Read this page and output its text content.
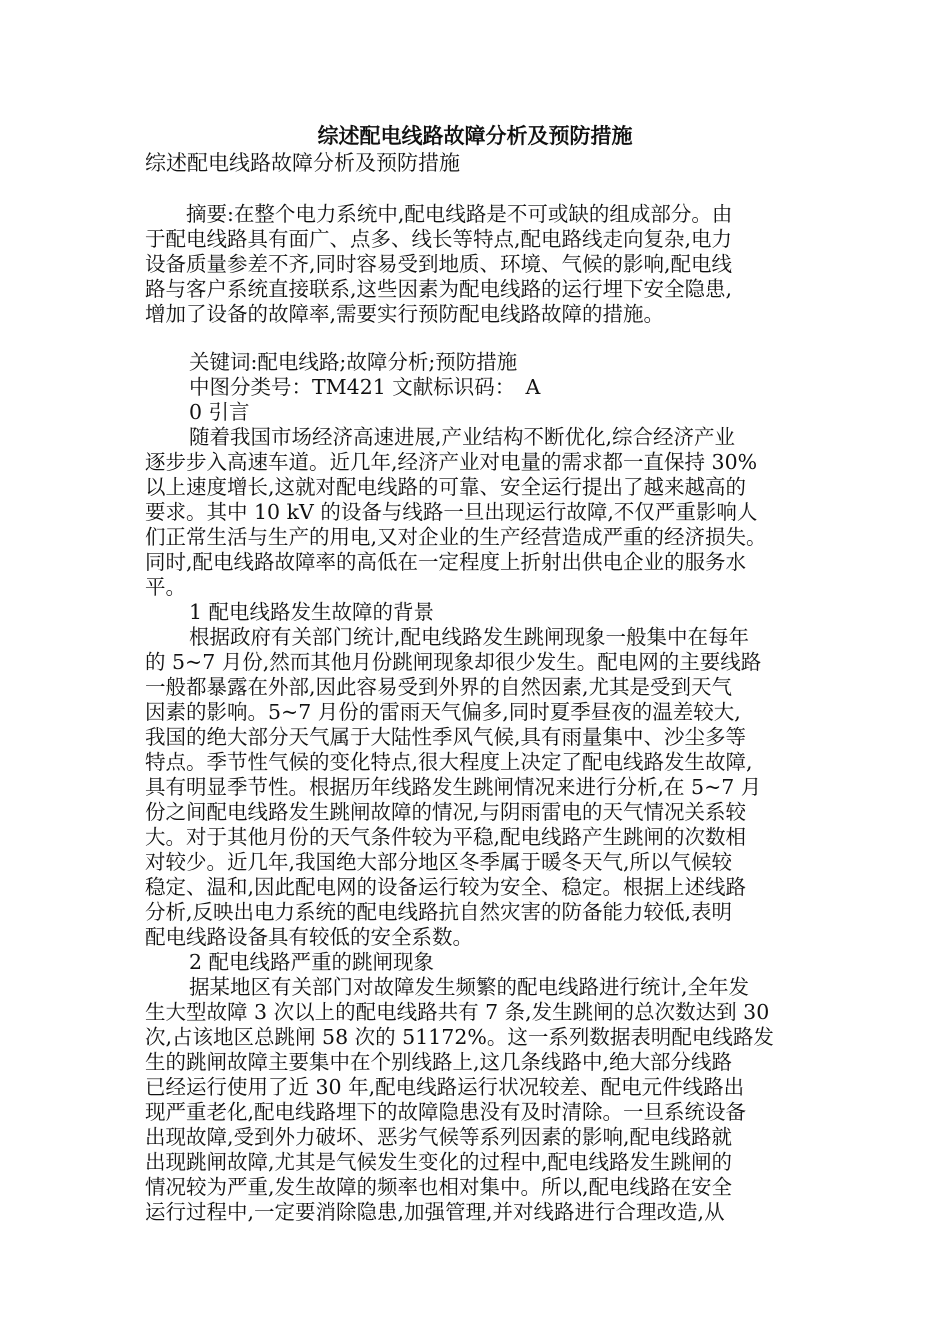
综述配电线路故障分析及预防措施
综述配电线路故障分析及预防措施

　　摘要:在整个电力系统中,配电线路是不可或缺的组成部分。由

于配电线路具有面广、点多、线长等特点,配电路线走向复杂,电力

设备质量参差不齐,同时容易受到地质、环境、气候的影响,配电线

路与客户系统直接联系,这些因素为配电线路的运行埋下安全隐患,

增加了设备的故障率,需要实行预防配电线路故障的措施。

关键词:配电线路;故障分析;预防措施

中图分类号：TM421 文献标识码：　A

0 引言

随着我国市场经济高速进展,产业结构不断优化,综合经济产业

逐步步入高速车道。近几年,经济产业对电量的需求都一直保持 30%

以上速度增长,这就对配电线路的可靠、安全运行提出了越来越高的

要求。其中 10 kV 的设备与线路一旦出现运行故障,不仅严重影响人

们正常生活与生产的用电,又对企业的生产经营造成严重的经济损失。

同时,配电线路故障率的高低在一定程度上折射出供电企业的服务水

平。

1 配电线路发生故障的背景

根据政府有关部门统计,配电线路发生跳闸现象一般集中在每年

的 5~7 月份,然而其他月份跳闸现象却很少发生。配电网的主要线路

一般都暴露在外部,因此容易受到外界的自然因素,尤其是受到天气

因素的影响。5~7 月份的雷雨天气偏多,同时夏季昼夜的温差较大,

我国的绝大部分天气属于大陆性季风气候,具有雨量集中、沙尘多等

特点。季节性气候的变化特点,很大程度上决定了配电线路发生故障,

具有明显季节性。根据历年线路发生跳闸情况来进行分析,在 5~7 月

份之间配电线路发生跳闸故障的情况,与阴雨雷电的天气情况关系较

大。对于其他月份的天气条件较为平稳,配电线路产生跳闸的次数相

对较少。近几年,我国绝大部分地区冬季属于暖冬天气,所以气候较

稳定、温和,因此配电网的设备运行较为安全、稳定。根据上述线路

分析,反映出电力系统的配电线路抗自然灾害的防备能力较低,表明

配电线路设备具有较低的安全系数。

2 配电线路严重的跳闸现象

据某地区有关部门对故障发生频繁的配电线路进行统计,全年发

生大型故障 3 次以上的配电线路共有 7 条,发生跳闸的总次数达到 30

次,占该地区总跳闸 58 次的 51172%。这一系列数据表明配电线路发

生的跳闸故障主要集中在个别线路上,这几条线路中,绝大部分线路

已经运行使用了近 30 年,配电线路运行状况较差、配电元件线路出

现严重老化,配电线路埋下的故障隐患没有及时清除。一旦系统设备

出现故障,受到外力破坏、恶劣气候等系列因素的影响,配电线路就

出现跳闸故障,尤其是气候发生变化的过程中,配电线路发生跳闸的

情况较为严重,发生故障的频率也相对集中。所以,配电线路在安全

运行过程中,一定要消除隐患,加强管理,并对线路进行合理改造,从
